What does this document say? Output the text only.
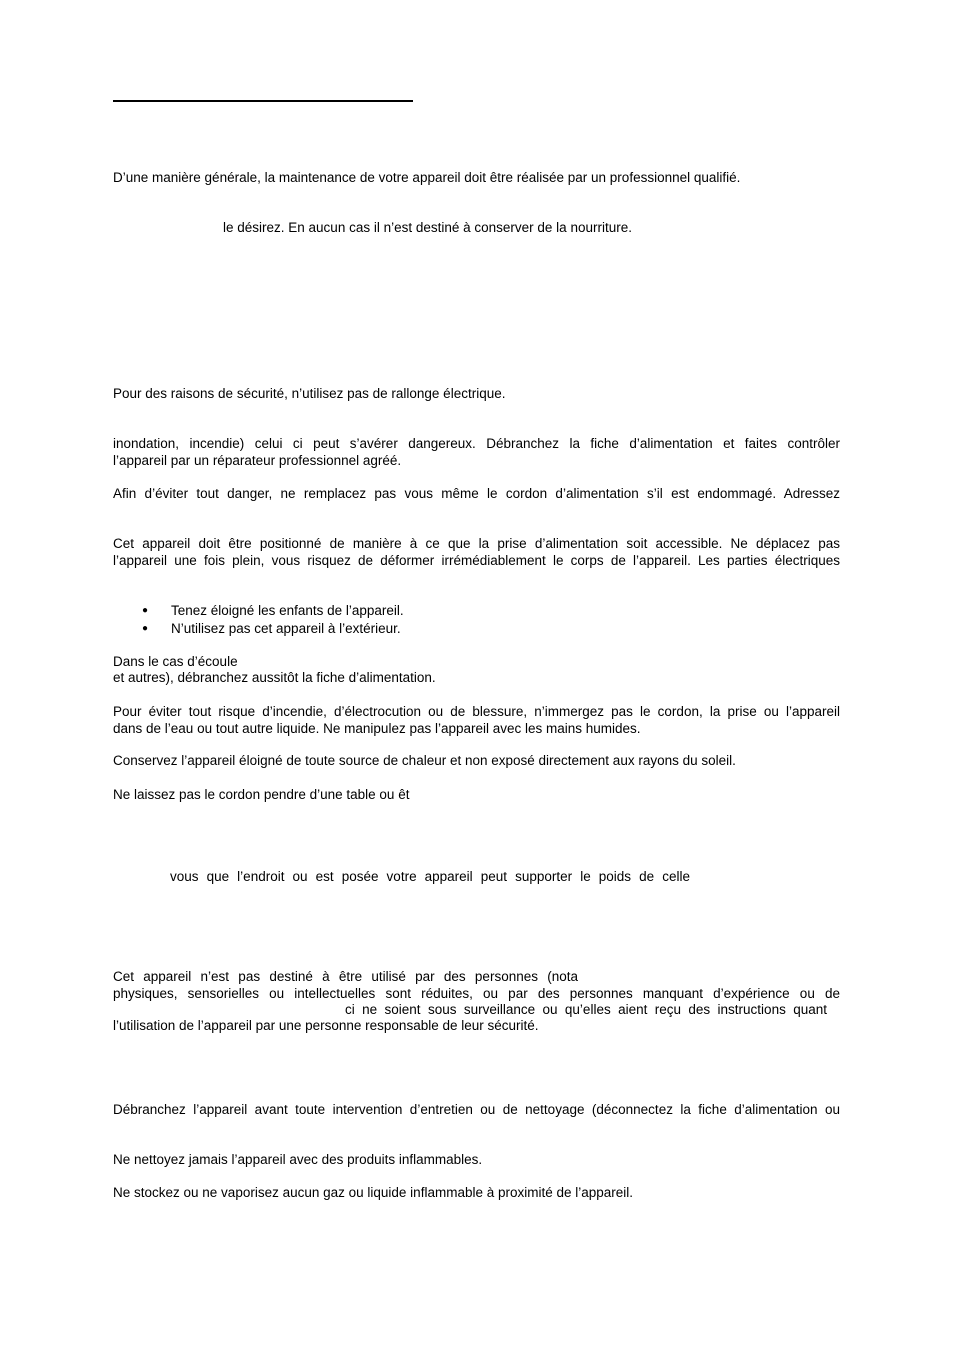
D’une manière générale, la maintenance de votre appareil doit être réalisée par un professionnel qualifié.
le désirez. En aucun cas il n’est destiné à conserver de la nourriture.
Pour des raisons de sécurité, n’utilisez pas de rallonge électrique.
inondation, incendie) celui ci peut s’avérer dangereux. Débranchez la fiche d’alimentation et faites contrôler
l’appareil par un réparateur professionnel agréé.
Afin d’éviter tout danger, ne remplacez pas vous même le cordon d’alimentation s’il est endommagé. Adressez
Cet appareil doit être positionné de manière à ce que la prise d’alimentation soit accessible. Ne déplacez pas
l’appareil une fois plein, vous risquez de déformer irrémédiablement le corps de l’appareil. Les parties électriques
● Tenez éloigné les enfants de l’appareil.
● N’utilisez pas cet appareil à l’extérieur.
Dans le cas d’écoule
et autres), débranchez aussitôt la fiche d’alimentation.
Pour éviter tout risque d’incendie, d’électrocution ou de blessure, n’immergez pas le cordon, la prise ou l’appareil
dans de l’eau ou tout autre liquide. Ne manipulez pas l’appareil avec les mains humides.
Conservez l’appareil éloigné de toute source de chaleur et non exposé directement aux rayons du soleil.
Ne laissez pas le cordon pendre d’une table ou êt
vous que l’endroit ou est posée votre appareil peut supporter le poids de celle
Cet appareil n’est pas destiné à être utilisé par des personnes (nota
physiques, sensorielles ou intellectuelles sont réduites, ou par des personnes manquant d’expérience ou de
ci ne soient sous surveillance ou qu’elles aient reçu des instructions quant
l’utilisation de l’appareil par une personne responsable de leur sécurité.
Débranchez l’appareil avant toute intervention d’entretien ou de nettoyage (déconnectez la fiche d’alimentation ou
Ne nettoyez jamais l’appareil avec des produits inflammables.
Ne stockez ou ne vaporisez aucun gaz ou liquide inflammable à proximité de l’appareil.
